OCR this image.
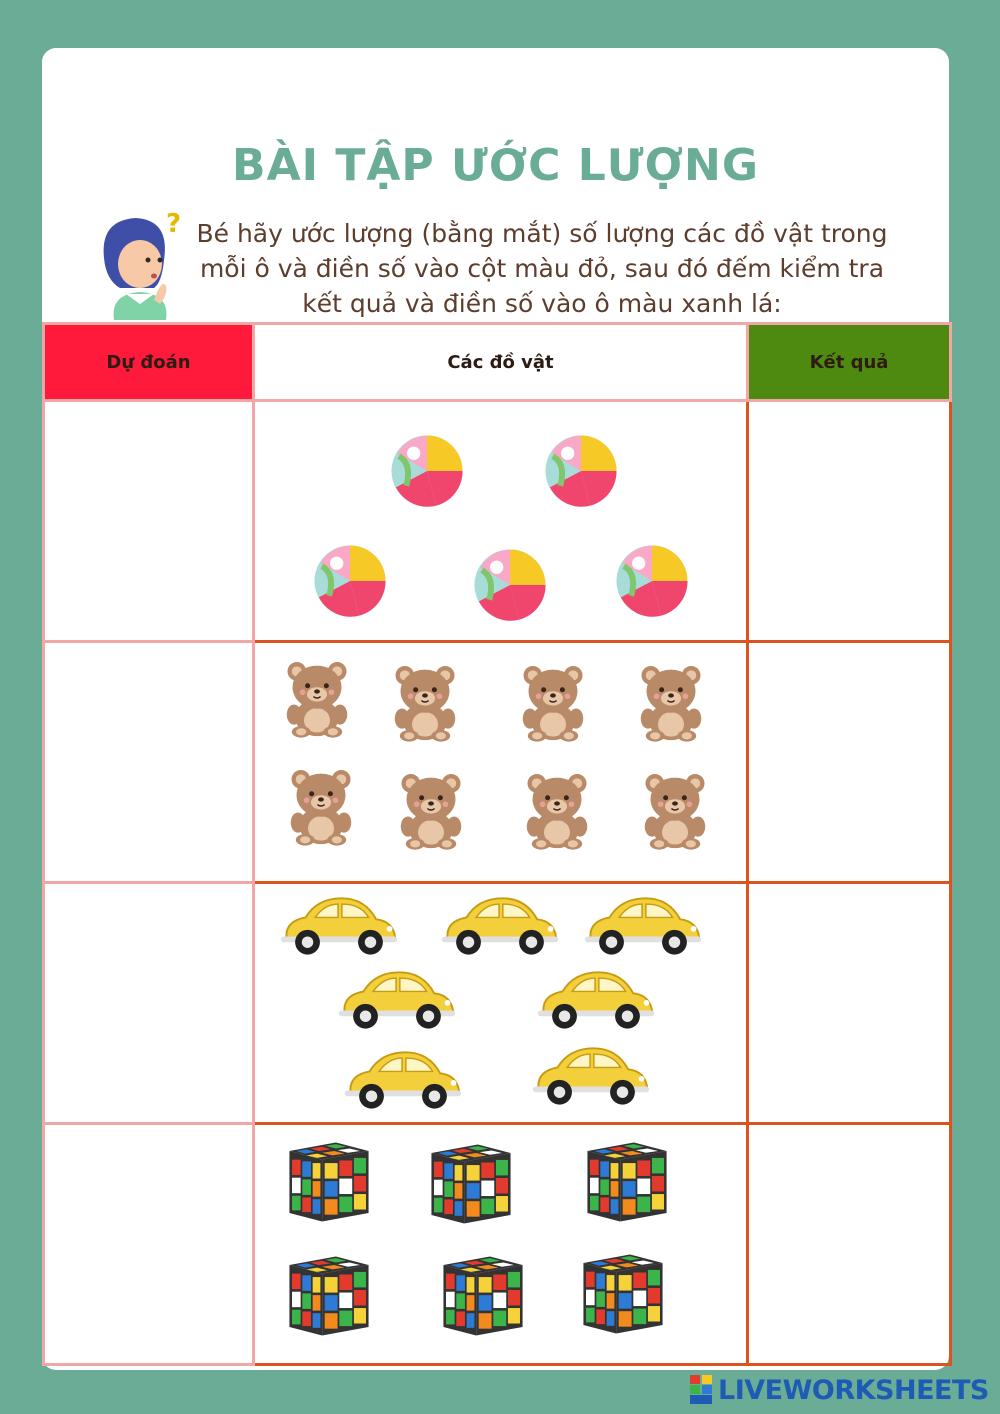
BÀI TẬP ƯỚC LƯỢNG
? Bé hãy ước lượng (bằng mắt) số lượng các đồ vật trong mỗi ô và điền số vào cột màu đỏ, sau đó đếm kiểm tra kết quả và điền số vào ô màu xanh lá:
Dự đoán	Các đồ vật	Kết quả

LIVEWORKSHEETS
